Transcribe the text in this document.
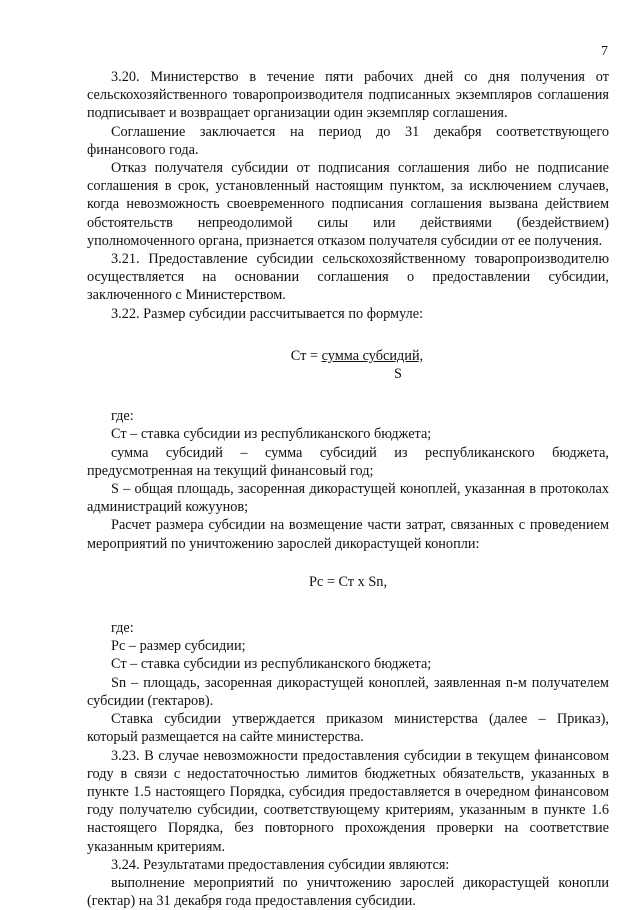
7

3.20. Министерство в течение пяти рабочих дней со дня получения от сельскохозяйственного товаропроизводителя подписанных экземпляров соглашения подписывает и возвращает организации один экземпляр соглашения.

Соглашение заключается на период до 31 декабря соответствующего финансового года.

Отказ получателя субсидии от подписания соглашения либо не подписание соглашения в срок, установленный настоящим пунктом, за исключением случаев, когда невозможность своевременного подписания соглашения вызвана действием обстоятельств непреодолимой силы или действиями (бездействием) уполномоченного органа, признается отказом получателя субсидии от ее получения.

3.21. Предоставление субсидии сельскохозяйственному товаропроизводителю осуществляется на основании соглашения о предоставлении субсидии, заключенного с Министерством.

3.22. Размер субсидии рассчитывается по формуле:

Ст = сумма субсидий,
S

где:

Ст – ставка субсидии из республиканского бюджета;

сумма субсидий – сумма субсидий из республиканского бюджета, предусмотренная на текущий финансовый год;

S – общая площадь, засоренная дикорастущей коноплей, указанная в протоколах администраций кожуунов;

Расчет размера субсидии на возмещение части затрат, связанных с проведением мероприятий по уничтожению зарослей дикорастущей конопли:

Рс = Ст х Sn,

где:

Рс – размер субсидии;

Ст – ставка субсидии из республиканского бюджета;

Sn – площадь, засоренная дикорастущей коноплей, заявленная n-м получателем субсидии (гектаров).

Ставка субсидии утверждается приказом министерства (далее – Приказ), который размещается на сайте министерства.

3.23. В случае невозможности предоставления субсидии в текущем финансовом году в связи с недостаточностью лимитов бюджетных обязательств, указанных в пункте 1.5 настоящего Порядка, субсидия предоставляется в очередном финансовом году получателю субсидии, соответствующему критериям, указанным в пункте 1.6 настоящего Порядка, без повторного прохождения проверки на соответствие указанным критериям.

3.24. Результатами предоставления субсидии являются:

выполнение мероприятий по уничтожению зарослей дикорастущей конопли (гектар) на 31 декабря года предоставления субсидии.
